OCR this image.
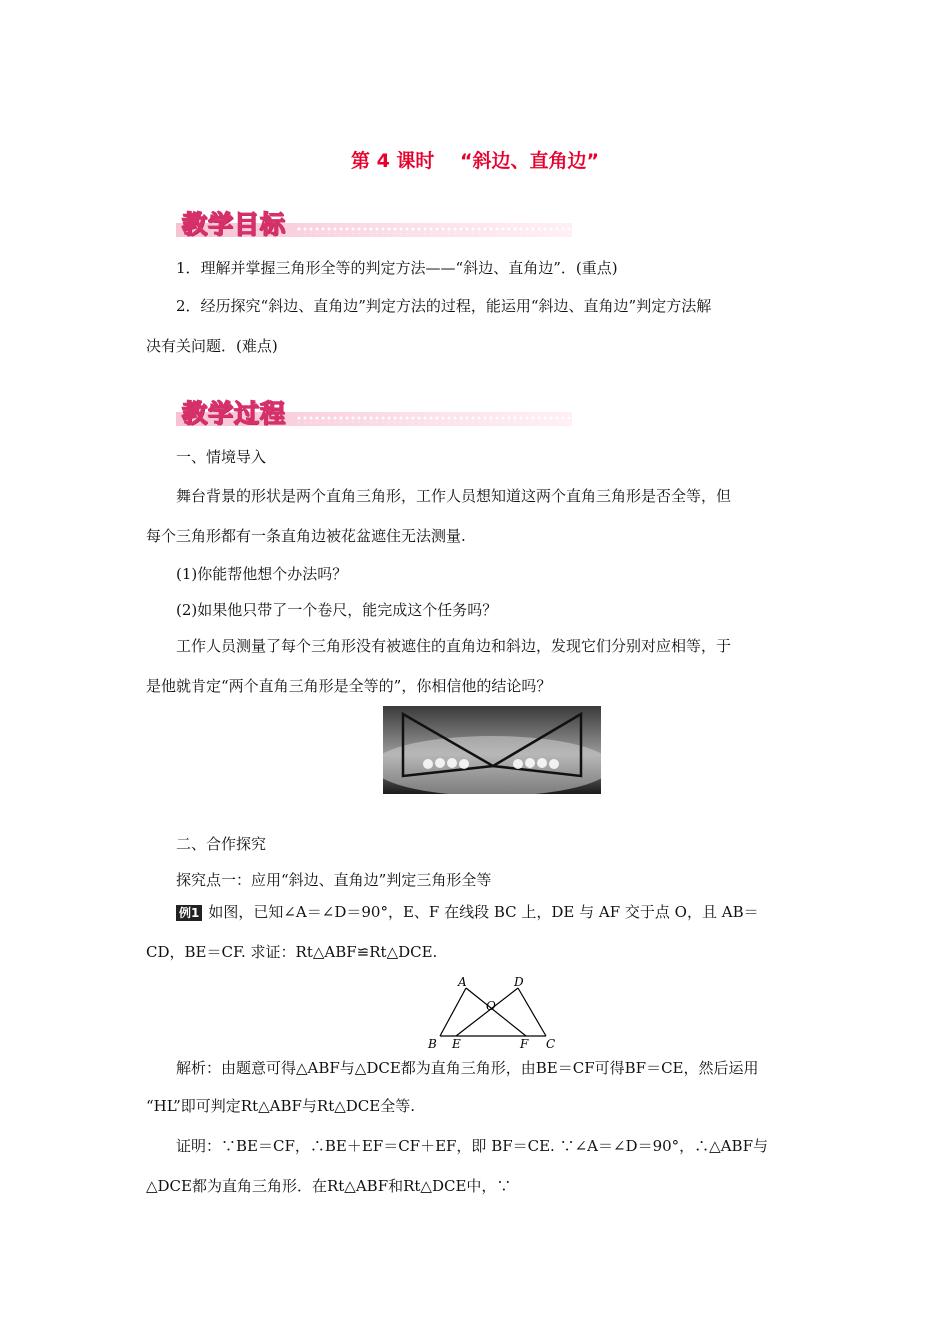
第 4 课时　 “斜边、直角边”
教学目标
1．理解并掌握三角形全等的判定方法——“斜边、直角边”．(重点)
2．经历探究“斜边、直角边”判定方法的过程，能运用“斜边、直角边”判定方法解
决有关问题．(难点)
教学过程
一、情境导入
舞台背景的形状是两个直角三角形，工作人员想知道这两个直角三角形是否全等，但
每个三角形都有一条直角边被花盆遮住无法测量.
(1)你能帮他想个办法吗？
(2)如果他只带了一个卷尺，能完成这个任务吗？
工作人员测量了每个三角形没有被遮住的直角边和斜边，发现它们分别对应相等，于
是他就肯定“两个直角三角形是全等的”，你相信他的结论吗？
二、合作探究
探究点一：应用“斜边、直角边”判定三角形全等
例1 如图，已知∠A＝∠D＝90°，E、F 在线段 BC 上，DE 与 AF 交于点 O，且 AB＝
CD，BE＝CF. 求证：Rt△ABF≌Rt△DCE.
A	D
O
B E	F C
解析：由题意可得△ABF与△DCE都为直角三角形，由BE＝CF可得BF＝CE，然后运用
“HL”即可判定Rt△ABF与Rt△DCE全等.
证明：∵BE＝CF，∴BE＋EF＝CF＋EF，即 BF＝CE. ∵∠A＝∠D＝90°，∴△ABF与
△DCE都为直角三角形．在Rt△ABF和Rt△DCE中，∵
